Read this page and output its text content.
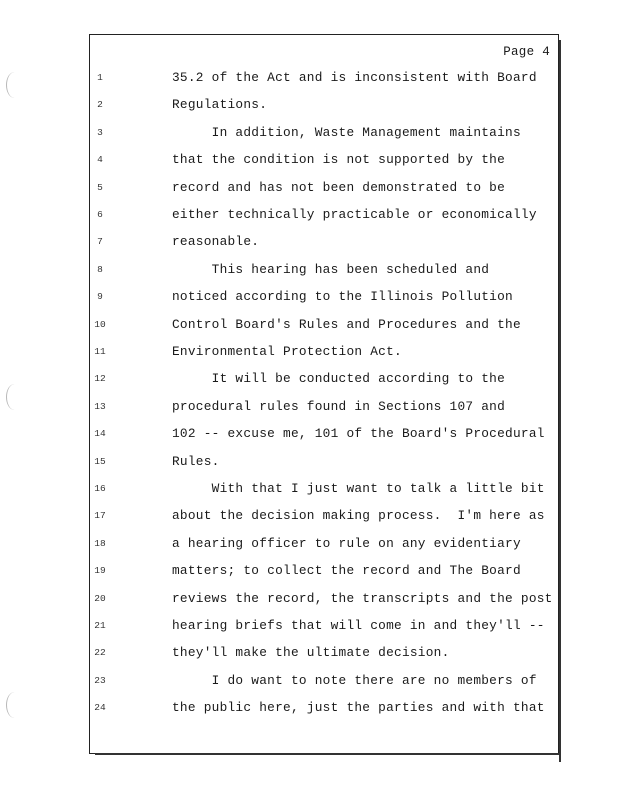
Page 4
1	35.2 of the Act and is inconsistent with Board
2	Regulations.
3	In addition, Waste Management maintains
4	that the condition is not supported by the
5	record and has not been demonstrated to be
6	either technically practicable or economically
7	reasonable.
8	This hearing has been scheduled and
9	noticed according to the Illinois Pollution
10	Control Board's Rules and Procedures and the
11	Environmental Protection Act.
12	It will be conducted according to the
13	procedural rules found in Sections 107 and
14	102 -- excuse me, 101 of the Board's Procedural
15	Rules.
16	With that I just want to talk a little bit
17	about the decision making process.  I'm here as
18	a hearing officer to rule on any evidentiary
19	matters; to collect the record and The Board
20	reviews the record, the transcripts and the post
21	hearing briefs that will come in and they'll --
22	they'll make the ultimate decision.
23	I do want to note there are no members of
24	the public here, just the parties and with that
